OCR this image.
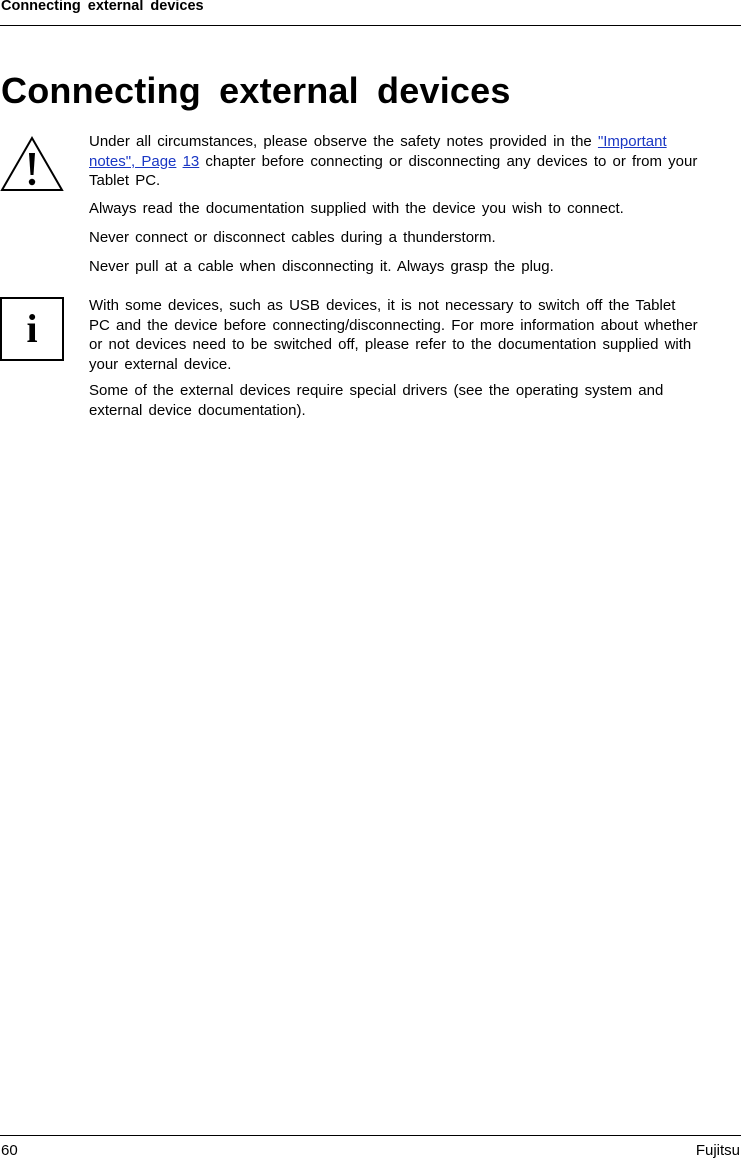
Connecting external devices
Connecting external devices

Under all circumstances, please observe the safety notes provided in the "Important notes", Page 13 chapter before connecting or disconnecting any devices to or from your Tablet PC.

Always read the documentation supplied with the device you wish to connect.

Never connect or disconnect cables during a thunderstorm.

Never pull at a cable when disconnecting it. Always grasp the plug.

i

With some devices, such as USB devices, it is not necessary to switch off the Tablet PC and the device before connecting/disconnecting. For more information about whether or not devices need to be switched off, please refer to the documentation supplied with your external device.

Some of the external devices require special drivers (see the operating system and external device documentation).

60	Fujitsu
